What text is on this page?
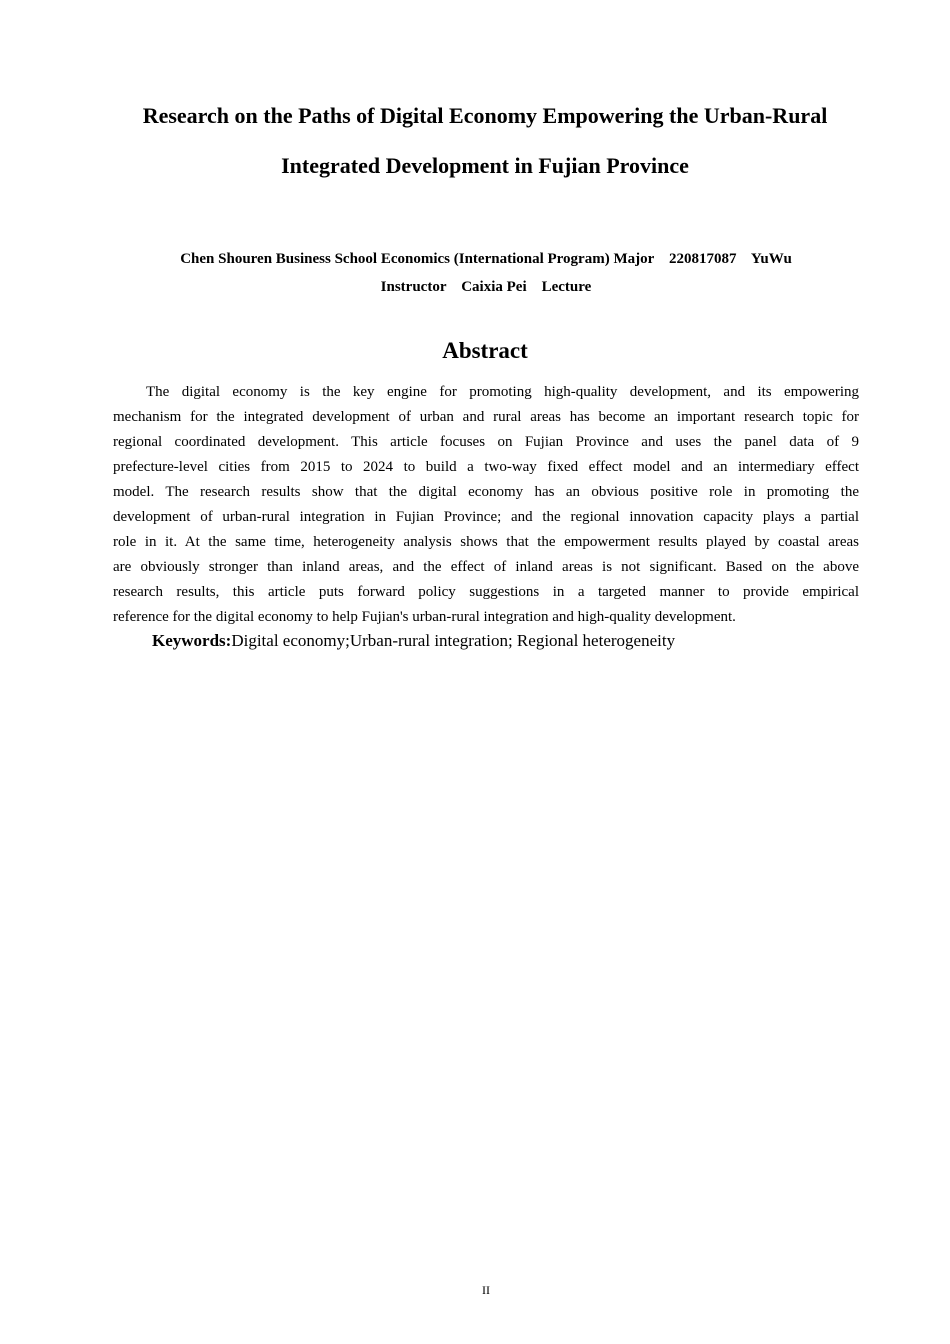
Research on the Paths of Digital Economy Empowering the Urban-Rural
Integrated Development in Fujian Province
Chen Shouren Business School Economics (International Program) Major    220817087    YuWu
Instructor    Caixia Pei    Lecture
Abstract
The digital economy is the key engine for promoting high-quality development, and its empowering
mechanism for the integrated development of urban and rural areas has become an important research topic for
regional coordinated development. This article focuses on Fujian Province and uses the panel data of 9
prefecture-level cities from 2015 to 2024 to build a two-way fixed effect model and an intermediary effect
model. The research results show that the digital economy has an obvious positive role in promoting the
development of urban-rural integration in Fujian Province; and the regional innovation capacity plays a partial
role in it. At the same time, heterogeneity analysis shows that the empowerment results played by coastal areas
are obviously stronger than inland areas, and the effect of inland areas is not significant. Based on the above
research results, this article puts forward policy suggestions in a targeted manner to provide empirical
reference for the digital economy to help Fujian's urban-rural integration and high-quality development.
Keywords:Digital economy;Urban-rural integration; Regional heterogeneity
II
